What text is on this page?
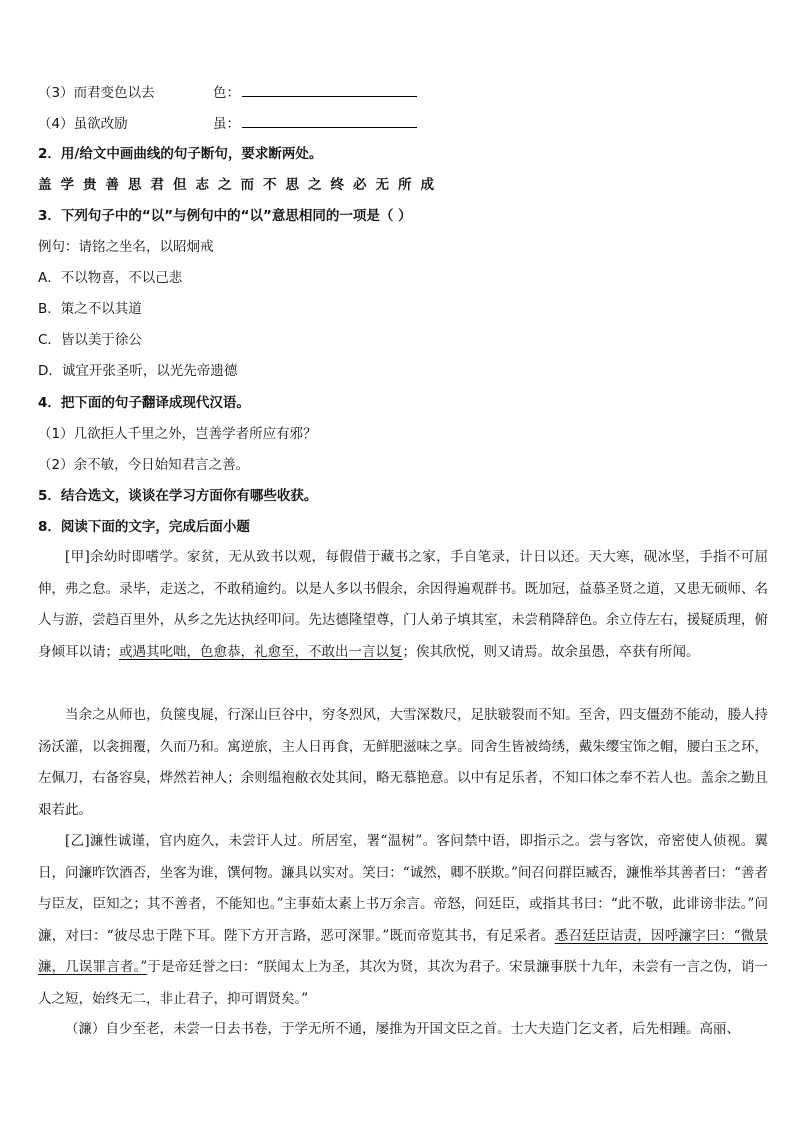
（3）而君变色以去	色：
（4）虽欲改励	虽：
2．用/给文中画曲线的句子断句，要求断两处。
盖学贵善思君但志之而不思之终必无所成
3．下列句子中的“以”与例句中的“以”意思相同的一项是（ ）
例句：请铭之坐名，以昭炯戒
A．不以物喜，不以己悲
B．策之不以其道
C．皆以美于徐公
D．诚宜开张圣听，以光先帝遗德
4．把下面的句子翻译成现代汉语。
（1）几欲拒人千里之外，岂善学者所应有邪？
（2）余不敏，今日始知君言之善。
5．结合选文，谈谈在学习方面你有哪些收获。
8．阅读下面的文字，完成后面小题
[甲]余幼时即嗜学。家贫，无从致书以观，每假借于藏书之家，手自笔录，计日以还。天大寒，砚冰坚，手指不可屈伸，弗之怠。录毕，走送之，不敢稍逾约。以是人多以书假余，余因得遍观群书。既加冠，益慕圣贤之道，又患无硕师、名人与游，尝趋百里外，从乡之先达执经叩问。先达德隆望尊，门人弟子填其室，未尝稍降辞色。余立侍左右，援疑质理，俯身倾耳以请；或遇其叱咄，色愈恭，礼愈至，不敢出一言以复；俟其欣悦，则又请焉。故余虽愚，卒获有所闻。
当余之从师也，负箧曳屣，行深山巨谷中，穷冬烈风，大雪深数尺，足肤皲裂而不知。至舍，四支僵劲不能动，媵人持汤沃灌，以衾拥覆，久而乃和。寓逆旅，主人日再食，无鲜肥滋味之享。同舍生皆被绮绣，戴朱缨宝饰之帽，腰白玉之环，左佩刀，右备容臭，烨然若神人；余则缊袍敝衣处其间，略无慕艳意。以中有足乐者，不知口体之奉不若人也。盖余之勤且艰若此。
[乙]濂性诚谨，官内庭久，未尝讦人过。所居室，署“温树”。客问禁中语，即指示之。尝与客饮，帝密使人侦视。翼日，问濂昨饮酒否，坐客为谁，馔何物。濂具以实对。笑曰：“诚然，卿不朕欺。”间召问群臣臧否，濂惟举其善者曰：“善者与臣友，臣知之；其不善者，不能知也。”主事茹太素上书万余言。帝怒，问廷臣，或指其书曰：“此不敬，此诽谤非法。”问濂，对曰：“彼尽忠于陛下耳。陛下方开言路，恶可深罪。”既而帝览其书，有足采者。悉召廷臣诘责，因呼濂字曰：“微景濂，几误罪言者。”于是帝廷誉之曰：“朕闻太上为圣，其次为贤，其次为君子。宋景濂事朕十九年，未尝有一言之伪，诮一人之短，始终无二，非止君子，抑可谓贤矣。”
（濂）自少至老，未尝一日去书卷，于学无所不通，屡推为开国文臣之首。士大夫造门乞文者，后先相踵。高丽、
